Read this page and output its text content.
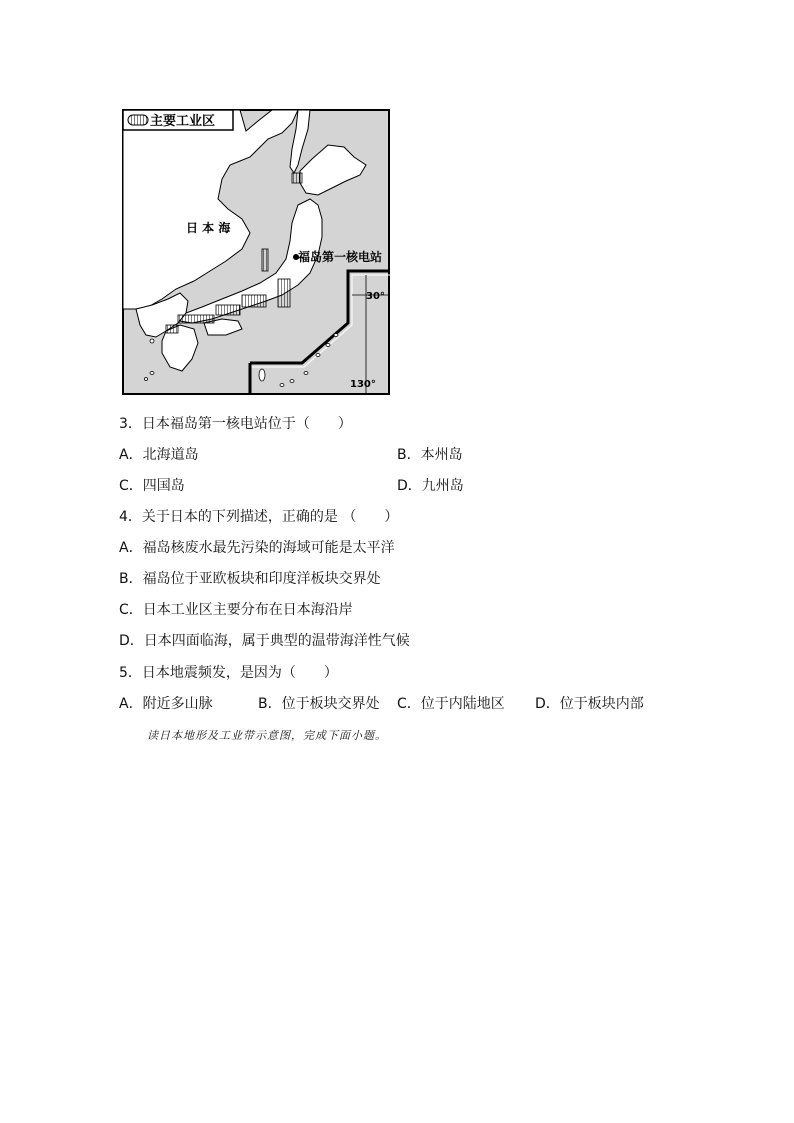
主要工业区
日 本 海
福岛第一核电站
30°
130°
3．日本福岛第一核电站位于（　　）
A．北海道岛	B．本州岛
C．四国岛	D．九州岛
4．关于日本的下列描述，正确的是 （　　）
A．福岛核废水最先污染的海域可能是太平洋
B．福岛位于亚欧板块和印度洋板块交界处
C．日本工业区主要分布在日本海沿岸
D．日本四面临海，属于典型的温带海洋性气候
5．日本地震频发，是因为（　　）
A．附近多山脉	B．位于板块交界处 C．位于内陆地区 D．位于板块内部
读日本地形及工业带示意图，完成下面小题。
